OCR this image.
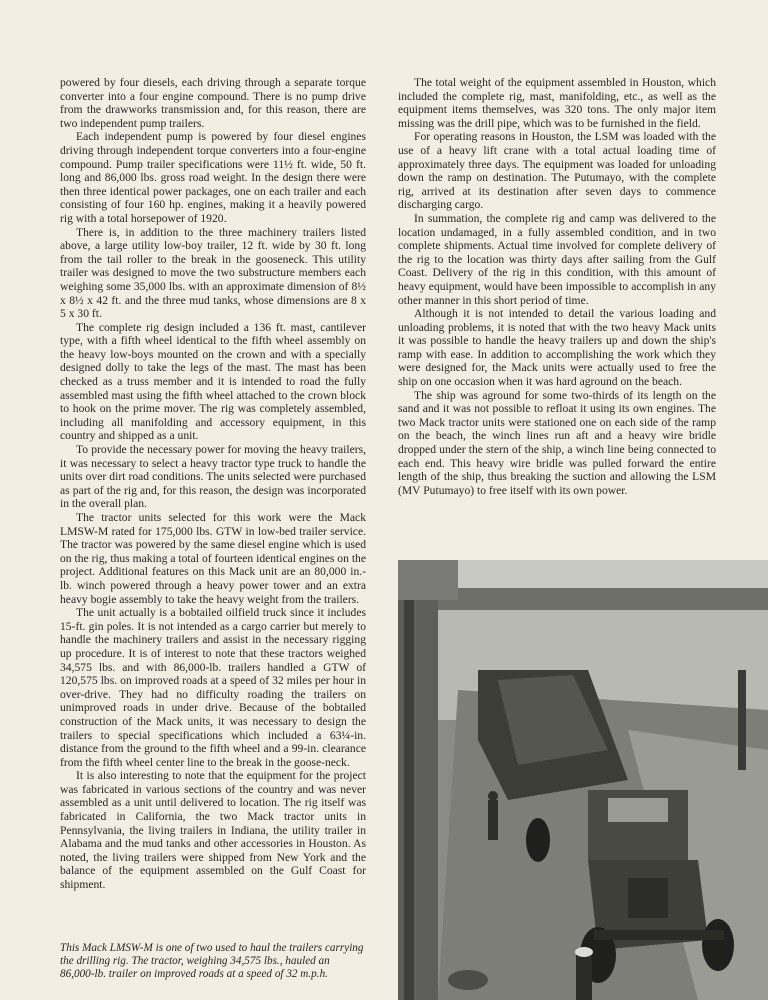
powered by four diesels, each driving through a separate torque converter into a four engine compound. There is no pump drive from the drawworks transmission and, for this reason, there are two independent pump trailers.

Each independent pump is powered by four diesel engines driving through independent torque converters into a four-engine compound. Pump trailer specifications were 11½ ft. wide, 50 ft. long and 86,000 lbs. gross road weight. In the design there were then three identical power packages, one on each trailer and each consisting of four 160 hp. engines, making it a heavily powered rig with a total horsepower of 1920.

There is, in addition to the three machinery trailers listed above, a large utility low-boy trailer, 12 ft. wide by 30 ft. long from the tail roller to the break in the gooseneck. This utility trailer was designed to move the two substructure members each weighing some 35,000 lbs. with an approximate dimension of 8½ x 8½ x 42 ft. and the three mud tanks, whose dimensions are 8 x 5 x 30 ft.

The complete rig design included a 136 ft. mast, cantilever type, with a fifth wheel identical to the fifth wheel assembly on the heavy low-boys mounted on the crown and with a specially designed dolly to take the legs of the mast. The mast has been checked as a truss member and it is intended to road the fully assembled mast using the fifth wheel attached to the crown block to hook on the prime mover. The rig was completely assembled, including all manifolding and accessory equipment, in this country and shipped as a unit.

To provide the necessary power for moving the heavy trailers, it was necessary to select a heavy tractor type truck to handle the units over dirt road conditions. The units selected were purchased as part of the rig and, for this reason, the design was incorporated in the overall plan.

The tractor units selected for this work were the Mack LMSW-M rated for 175,000 lbs. GTW in low-bed trailer service. The tractor was powered by the same diesel engine which is used on the rig, thus making a total of fourteen identical engines on the project. Additional features on this Mack unit are an 80,000 in.-lb. winch powered through a heavy power tower and an extra heavy bogie assembly to take the heavy weight from the trailers.

The unit actually is a bobtailed oilfield truck since it includes 15-ft. gin poles. It is not intended as a cargo carrier but merely to handle the machinery trailers and assist in the necessary rigging up procedure. It is of interest to note that these tractors weighed 34,575 lbs. and with 86,000-lb. trailers handled a GTW of 120,575 lbs. on improved roads at a speed of 32 miles per hour in over-drive. They had no difficulty roading the trailers on unimproved roads in under drive. Because of the bobtailed construction of the Mack units, it was necessary to design the trailers to special specifications which included a 63¼-in. distance from the ground to the fifth wheel and a 99-in. clearance from the fifth wheel center line to the break in the goose-neck.

It is also interesting to note that the equipment for the project was fabricated in various sections of the country and was never assembled as a unit until delivered to location. The rig itself was fabricated in California, the two Mack tractor units in Pennsylvania, the living trailers in Indiana, the utility trailer in Alabama and the mud tanks and other accessories in Houston. As noted, the living trailers were shipped from New York and the balance of the equipment assembled on the Gulf Coast for shipment.

The total weight of the equipment assembled in Houston, which included the complete rig, mast, manifolding, etc., as well as the equipment items themselves, was 320 tons. The only major item missing was the drill pipe, which was to be furnished in the field.

For operating reasons in Houston, the LSM was loaded with the use of a heavy lift crane with a total actual loading time of approximately three days. The equipment was loaded for unloading down the ramp on destination. The Putumayo, with the complete rig, arrived at its destination after seven days to commence discharging cargo.

In summation, the complete rig and camp was delivered to the location undamaged, in a fully assembled condition, and in two complete shipments. Actual time involved for complete delivery of the rig to the location was thirty days after sailing from the Gulf Coast. Delivery of the rig in this condition, with this amount of heavy equipment, would have been impossible to accomplish in any other manner in this short period of time.

Although it is not intended to detail the various loading and unloading problems, it is noted that with the two heavy Mack units it was possible to handle the heavy trailers up and down the ship's ramp with ease. In addition to accomplishing the work which they were designed for, the Mack units were actually used to free the ship on one occasion when it was hard aground on the beach.

The ship was aground for some two-thirds of its length on the sand and it was not possible to refloat it using its own engines. The two Mack tractor units were stationed one on each side of the ramp on the beach, the winch lines run aft and a heavy wire bridle dropped under the stern of the ship, a winch line being connected to each end. This heavy wire bridle was pulled forward the entire length of the ship, thus breaking the suction and allowing the LSM (MV Putumayo) to free itself with its own power.

This Mack LMSW-M is one of two used to haul the trailers carrying the drilling rig. The tractor, weighing 34,575 lbs., hauled an 86,000-lb. trailer on improved roads at a speed of 32 m.p.h.
